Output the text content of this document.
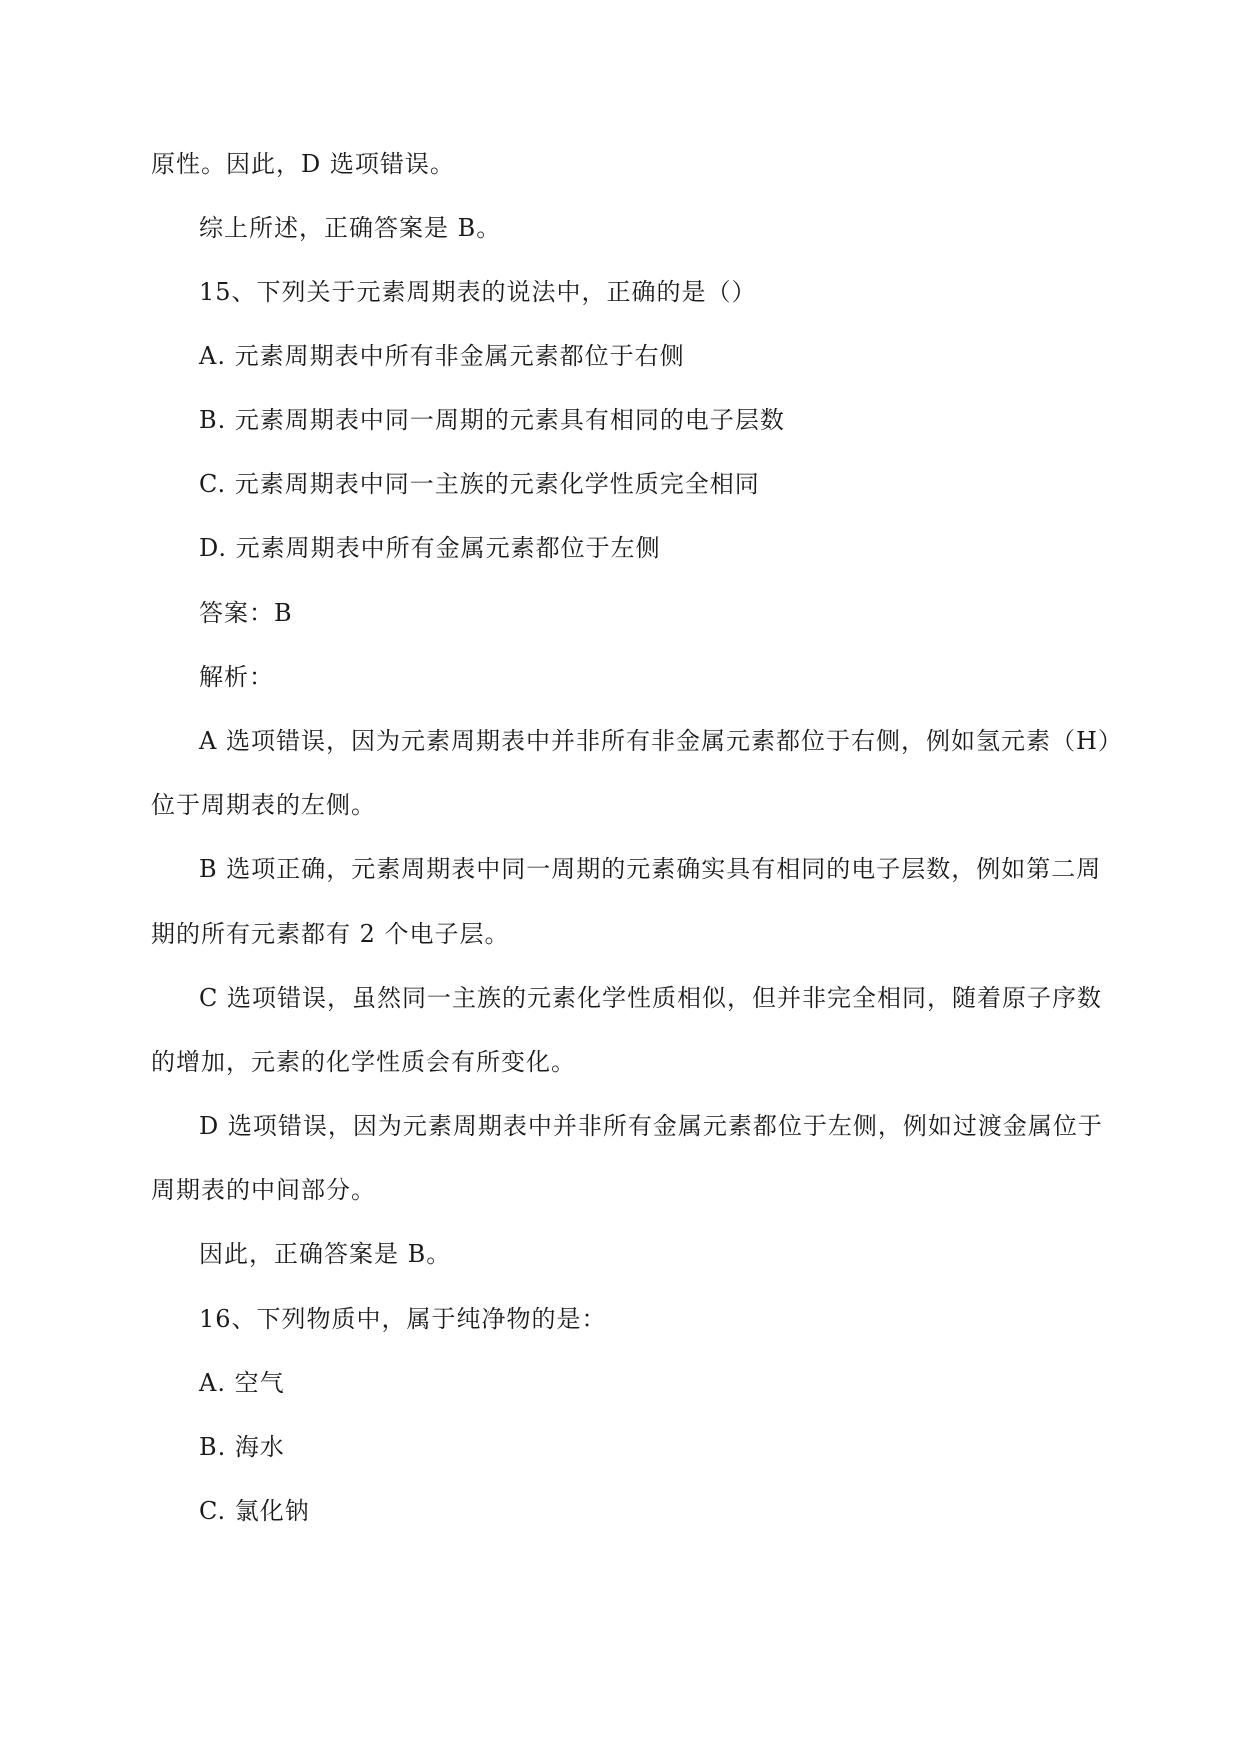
原性。因此，D 选项错误。
综上所述，正确答案是 B。
15、下列关于元素周期表的说法中，正确的是（）
A. 元素周期表中所有非金属元素都位于右侧
B. 元素周期表中同一周期的元素具有相同的电子层数
C. 元素周期表中同一主族的元素化学性质完全相同
D. 元素周期表中所有金属元素都位于左侧
答案：B
解析：
A 选项错误，因为元素周期表中并非所有非金属元素都位于右侧，例如氢元素（H）
位于周期表的左侧。
B 选项正确，元素周期表中同一周期的元素确实具有相同的电子层数，例如第二周
期的所有元素都有 2 个电子层。
C 选项错误，虽然同一主族的元素化学性质相似，但并非完全相同，随着原子序数
的增加，元素的化学性质会有所变化。
D 选项错误，因为元素周期表中并非所有金属元素都位于左侧，例如过渡金属位于
周期表的中间部分。
因此，正确答案是 B。
16、下列物质中，属于纯净物的是：
A. 空气
B. 海水
C. 氯化钠
